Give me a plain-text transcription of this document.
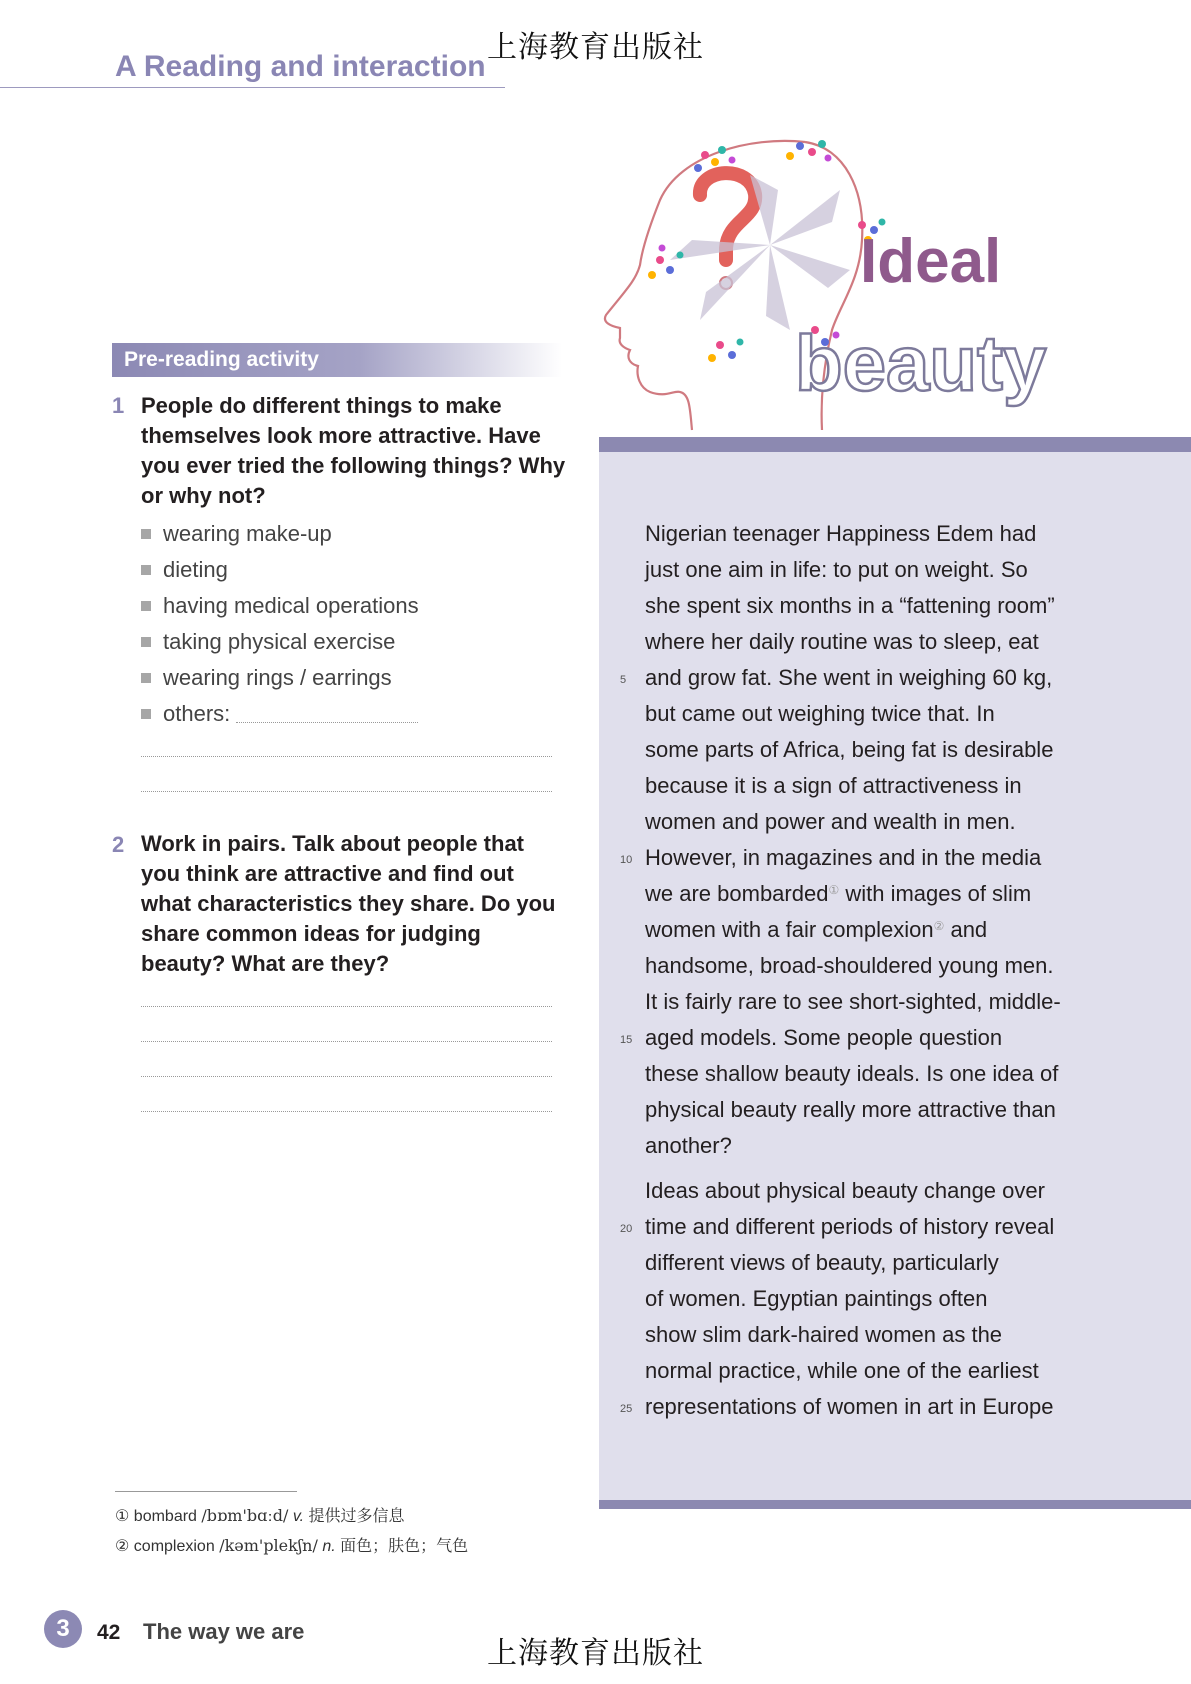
上海教育出版社
A Reading and interaction
Pre-reading activity
1 People do different things to make themselves look more attractive. Have you ever tried the following things? Why or why not?
wearing make-up
dieting
having medical operations
taking physical exercise
wearing rings / earrings
others:
2 Work in pairs. Talk about people that you think are attractive and find out what characteristics they share. Do you share common ideas for judging beauty? What are they?
Ideal
beauty

Nigerian teenager Happiness Edem had
just one aim in life: to put on weight. So
she spent six months in a “fattening room”
where her daily routine was to sleep, eat
and grow fat. She went in weighing 60 kg,
but came out weighing twice that. In
some parts of Africa, being fat is desirable
because it is a sign of attractiveness in
women and power and wealth in men.
However, in magazines and in the media
we are bombarded① with images of slim
women with a fair complexion② and
handsome, broad-shouldered young men.
It is fairly rare to see short-sighted, middle-
aged models. Some people question
these shallow beauty ideals. Is one idea of
physical beauty really more attractive than
another?

Ideas about physical beauty change over
time and different periods of history reveal
different views of beauty, particularly
of women. Egyptian paintings often
show slim dark-haired women as the
normal practice, while one of the earliest
representations of women in art in Europe

5
10
15
20
25
① bombard /bɒm'bɑːd/ v. 提供过多信息
② complexion /kəm'plekʃn/ n. 面色；肤色；气色
3	42 The way we are
上海教育出版社
